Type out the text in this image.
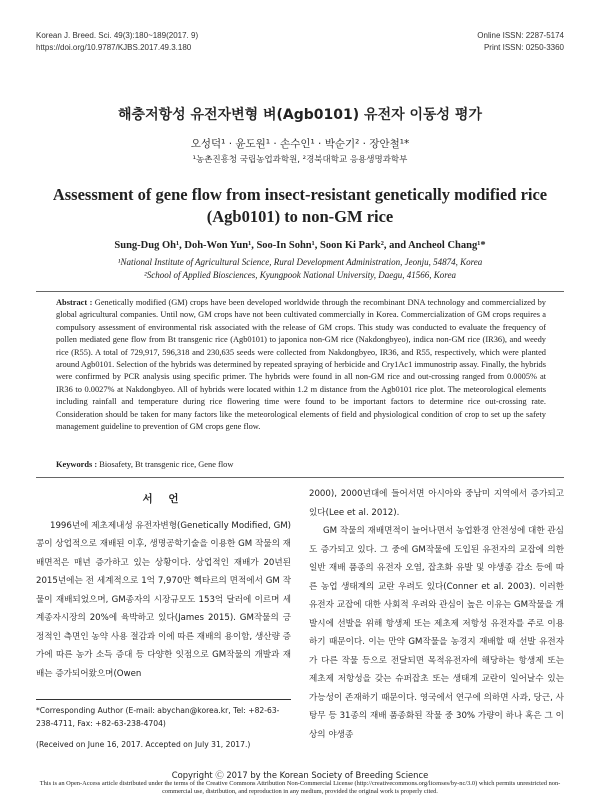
Korean J. Breed. Sci. 49(3):180~189(2017. 9)
https://doi.org/10.9787/KJBS.2017.49.3.180
Online ISSN: 2287-5174
Print ISSN: 0250-3360
해충저항성 유전자변형 벼(Agb0101) 유전자 이동성 평가
오성덕¹ · 윤도원¹ · 손수인¹ · 박순기² · 장안철¹*
¹농촌진흥청 국립농업과학원, ²경북대학교 응용생명과학부
Assessment of gene flow from insect-resistant genetically modified rice (Agb0101) to non-GM rice
Sung-Dug Oh¹, Doh-Won Yun¹, Soo-In Sohn¹, Soon Ki Park², and Ancheol Chang¹*
¹National Institute of Agricultural Science, Rural Development Administration, Jeonju, 54874, Korea
²School of Applied Biosciences, Kyungpook National University, Daegu, 41566, Korea
Abstract : Genetically modified (GM) crops have been developed worldwide through the recombinant DNA technology and commercialized by global agricultural companies. Until now, GM crops have not been cultivated commercially in Korea. Commercialization of GM crops requires a compulsory assessment of environmental risk associated with the release of GM crops. This study was conducted to evaluate the frequency of pollen mediated gene flow from Bt transgenic rice (Agb0101) to japonica non-GM rice (Nakdongbyeo), indica non-GM rice (IR36), and weedy rice (R55). A total of 729,917, 596,318 and 230,635 seeds were collected from Nakdongbyeo, IR36, and R55, respectively, which were planted around Agb0101. Selection of the hybrids was determined by repeated spraying of herbicide and Cry1Ac1 immunostrip assay. Finally, the hybrids were confirmed by PCR analysis using specific primer. The hybrids were found in all non-GM rice and out-crossing ranged from 0.0005% at IR36 to 0.0027% at Nakdongbyeo. All of hybrids were located within 1.2 m distance from the Agb0101 rice plot. The meteorological elements including rainfall and temperature during rice flowering time were found to be important factors to determine rice out-crossing rate. Consideration should be taken for many factors like the meteorological elements of field and physiological condition of crop to set up the safety management guideline to prevention of GM crops gene flow.
Keywords : Biosafety, Bt transgenic rice, Gene flow

서 언

1996년에 제초제내성 유전자변형(Genetically Modified, GM) 콩이 상업적으로 재배된 이후, 생명공학기술을 이용한 GM 작물의 재배면적은 매년 증가하고 있는 상황이다. 상업적인 재배가 20년된 2015년에는 전 세계적으로 1억 7,970만 헥타르의 면적에서 GM 작물이 재배되었으며, GM종자의 시장규모도 153억 달러에 이르며 세계종자시장의 20%에 육박하고 있다(James 2015). GM작물의 긍정적인 측면인 농약 사용 절감과 이에 따른 재배의 용이함, 생산량 증가에 따른 농가 소득 증대 등 다양한 잇점으로 GM작물의 개발과 재배는 증가되어왔으며(Owen

2000), 2000년대에 들어서면 아시아와 중남미 지역에서 증가되고 있다(Lee et al. 2012).

GM 작물의 재배면적이 늘어나면서 농업환경 안전성에 대한 관심도 증가되고 있다. 그 중에 GM작물에 도입된 유전자의 교잡에 의한 일반 재배 품종의 유전자 오염, 잡초화 유발 및 야생종 감소 등에 따른 농업 생태계의 교란 우려도 있다(Conner et al. 2003). 이러한 유전자 교잡에 대한 사회적 우려와 관심이 높은 이유는 GM작물을 개발시에 선발을 위해 항생제 또는 제초제 저항성 유전자를 주로 이용하기 때문이다. 이는 만약 GM작물을 농경지 재배할 때 선발 유전자가 다른 작물 등으로 전달되면 목적유전자에 해당하는 항생제 또는 제초제 저항성을 갖는 슈퍼잡초 또는 생태계 교란이 일어날수 있는 가능성이 존재하기 때문이다. 영국에서 연구에 의하면 사과, 당근, 사탕무 등 31종의 재배 품종화된 작물 중 30% 가량이 하나 혹은 그 이상의 야생종

*Corresponding Author (E-mail: abychan@korea.kr, Tel: +82-63-238-4711, Fax: +82-63-238-4704)
(Received on June 16, 2017. Accepted on July 31, 2017.)
Copyright Ⓒ 2017 by the Korean Society of Breeding Science
This is an Open-Access article distributed under the terms of the Creative Commons Attribution Non-Commercial License (http://creativecommons.org/licenses/by-nc/3.0) which permits unrestricted non-commercial use, distribution, and reproduction in any medium, provided the original work is properly cited.
